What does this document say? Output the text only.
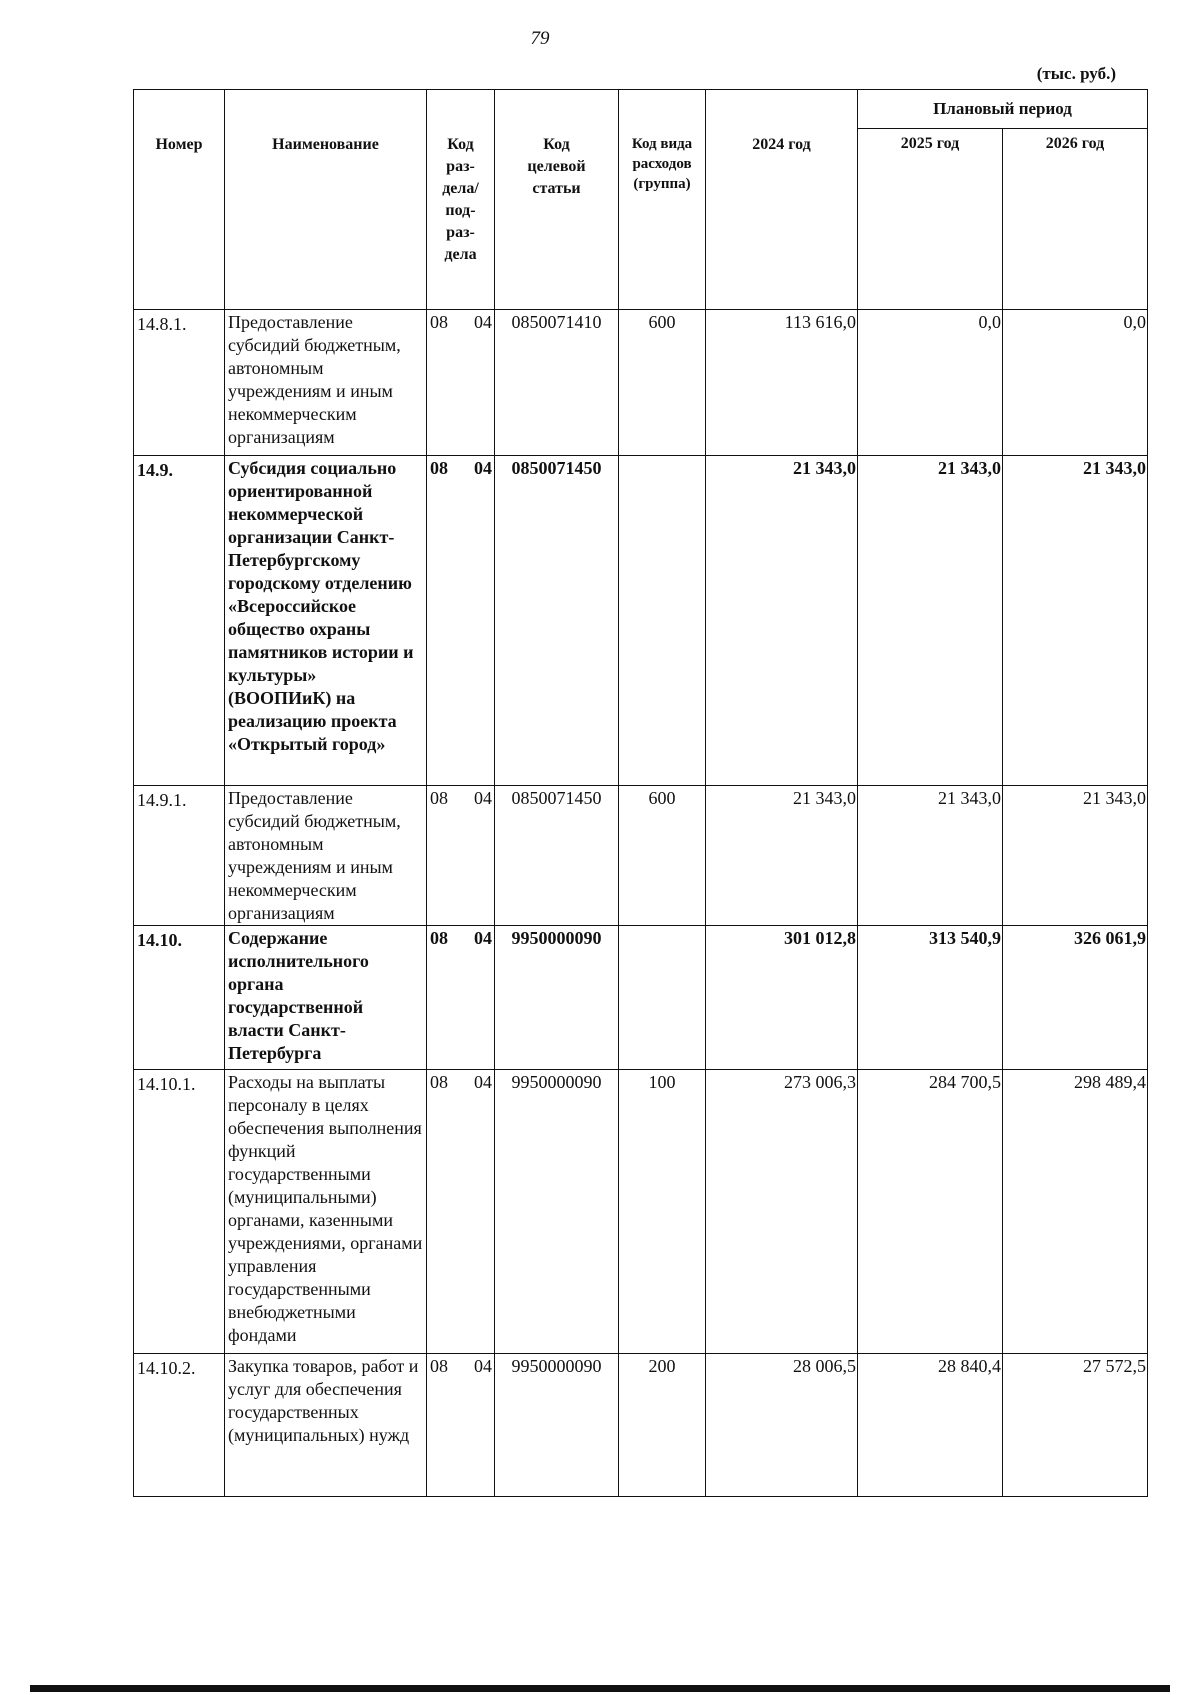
79
(тыс. руб.)
Номер	Наименование	Код раз-дела/ под-раз-дела	Код целевой статьи	Код вида расходов (группа)	2024 год	Плановый период	
						2025 год	2026 год
14.8.1.	Предоставление субсидий бюджетным, автономным учреждениям и иным некоммерческим организациям	08 04	0850071410	600	113 616,0	0,0	0,0
14.9.	Субсидия социально ориентированной некоммерческой организации Санкт-Петербургскому городскому отделению «Всероссийское общество охраны памятников истории и культуры» (ВООПИиК) на реализацию проекта «Открытый город»	08 04	0850071450		21 343,0	21 343,0	21 343,0
14.9.1.	Предоставление субсидий бюджетным, автономным учреждениям и иным некоммерческим организациям	08 04	0850071450	600	21 343,0	21 343,0	21 343,0
14.10.	Содержание исполнительного органа государственной власти Санкт-Петербурга	08 04	9950000090		301 012,8	313 540,9	326 061,9
14.10.1.	Расходы на выплаты персоналу в целях обеспечения выполнения функций государственными (муниципальными) органами, казенными учреждениями, органами управления государственными внебюджетными фондами	08 04	9950000090	100	273 006,3	284 700,5	298 489,4
14.10.2.	Закупка товаров, работ и услуг для обеспечения государственных (муниципальных) нужд	08 04	9950000090	200	28 006,5	28 840,4	27 572,5
